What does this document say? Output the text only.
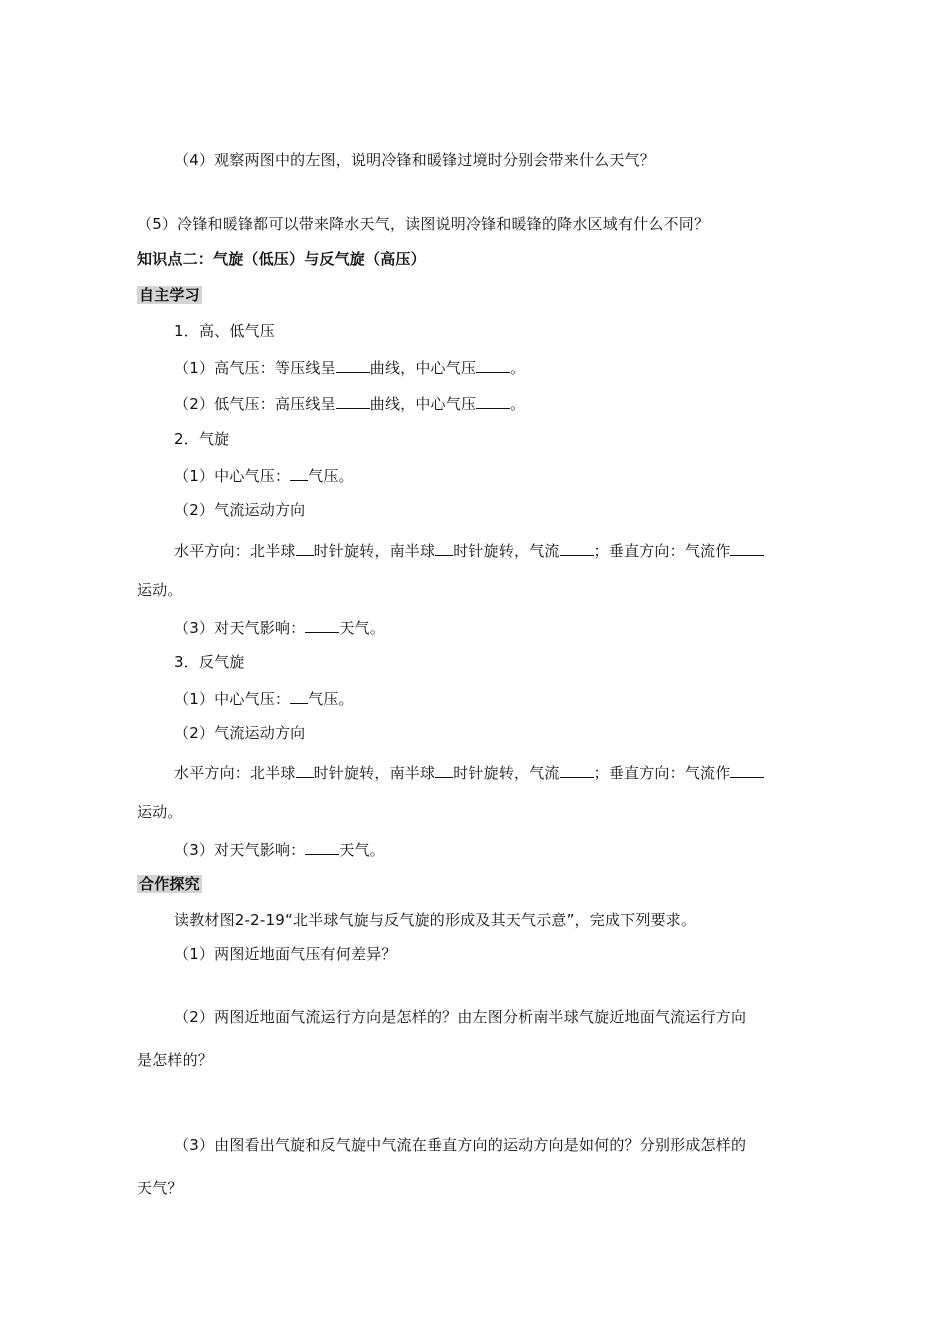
（4）观察两图中的左图，说明冷锋和暖锋过境时分别会带来什么天气？
（5）冷锋和暖锋都可以带来降水天气，读图说明冷锋和暖锋的降水区域有什么不同？
知识点二：气旋（低压）与反气旋（高压）
自主学习
1．高、低气压
（1）高气压：等压线呈 曲线，中心气压 。
（2）低气压：高压线呈 曲线，中心气压 。
2．气旋
（1）中心气压： 气压。
（2）气流运动方向
水平方向：北半球 时针旋转，南半球 时针旋转，气流 ；垂直方向：气流作
运动。
（3）对天气影响： 天气。
3．反气旋
（1）中心气压： 气压。
（2）气流运动方向
水平方向：北半球 时针旋转，南半球 时针旋转，气流 ；垂直方向：气流作
运动。
（3）对天气影响： 天气。
合作探究
读教材图2-2-19“北半球气旋与反气旋的形成及其天气示意”，完成下列要求。
（1）两图近地面气压有何差异？
（2）两图近地面气流运行方向是怎样的？由左图分析南半球气旋近地面气流运行方向
是怎样的？
（3）由图看出气旋和反气旋中气流在垂直方向的运动方向是如何的？分别形成怎样的
天气？
